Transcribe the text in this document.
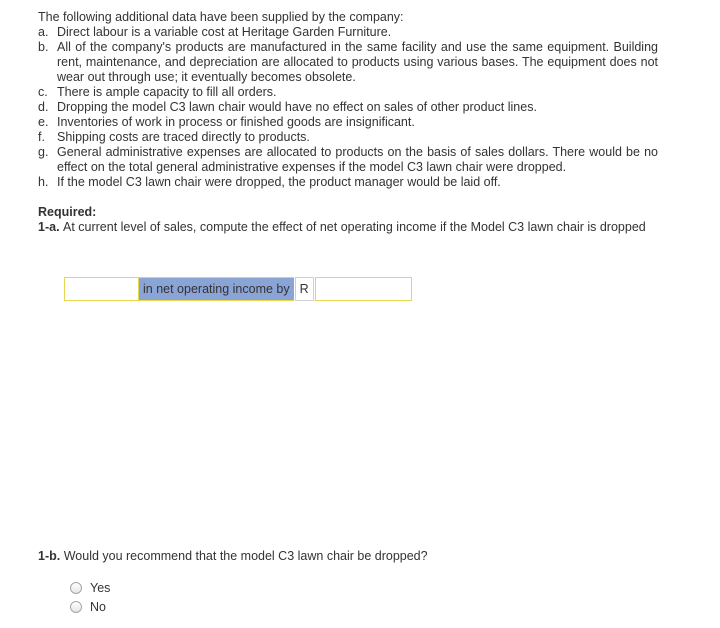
The following additional data have been supplied by the company:
a. Direct labour is a variable cost at Heritage Garden Furniture.
b. All of the company's products are manufactured in the same facility and use the same equipment. Building rent, maintenance, and depreciation are allocated to products using various bases. The equipment does not wear out through use; it eventually becomes obsolete.
c. There is ample capacity to fill all orders.
d. Dropping the model C3 lawn chair would have no effect on sales of other product lines.
e. Inventories of work in process or finished goods are insignificant.
f. Shipping costs are traced directly to products.
g. General administrative expenses are allocated to products on the basis of sales dollars. There would be no effect on the total general administrative expenses if the model C3 lawn chair were dropped.
h. If the model C3 lawn chair were dropped, the product manager would be laid off.
Required:
1-a. At current level of sales, compute the effect of net operating income if the Model C3 lawn chair is dropped
in net operating income by R
1-b. Would you recommend that the model C3 lawn chair be dropped?
Yes
No
